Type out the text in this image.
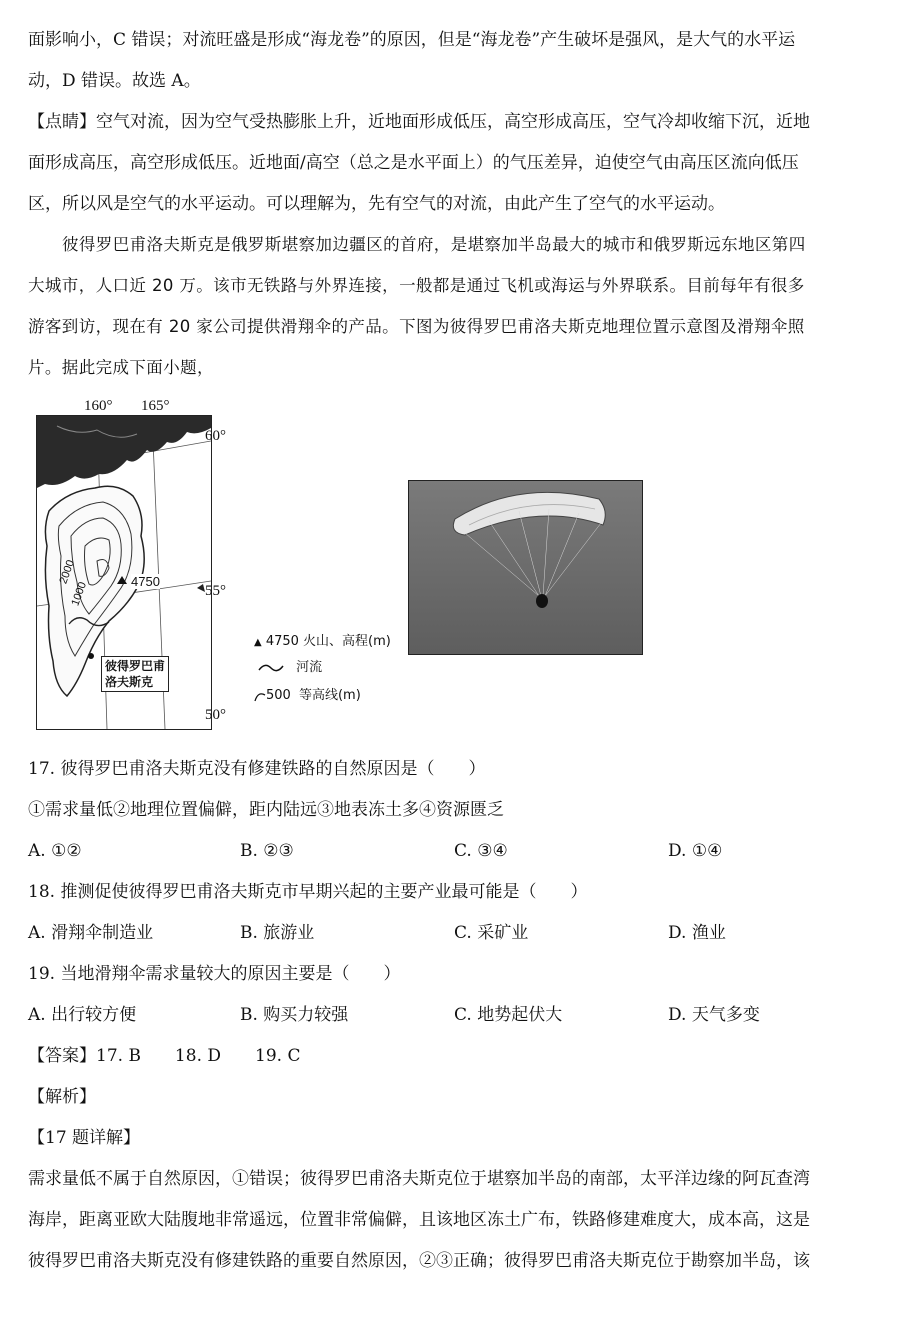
面影响小，C 错误；对流旺盛是形成“海龙卷”的原因，但是“海龙卷”产生破坏是强风，是大气的水平运
动，D 错误。故选 A。
【点睛】空气对流，因为空气受热膨胀上升，近地面形成低压，高空形成高压，空气冷却收缩下沉，近地
面形成高压，高空形成低压。近地面/高空（总之是水平面上）的气压差异，迫使空气由高压区流向低压
区，所以风是空气的水平运动。可以理解为，先有空气的对流，由此产生了空气的水平运动。
彼得罗巴甫洛夫斯克是俄罗斯堪察加边疆区的首府，是堪察加半岛最大的城市和俄罗斯远东地区第四
大城市，人口近 20 万。该市无铁路与外界连接，一般都是通过飞机或海运与外界联系。目前每年有很多
游客到访，现在有 20 家公司提供滑翔伞的产品。下图为彼得罗巴甫洛夫斯克地理位置示意图及滑翔伞照
片。据此完成下面小题，
160° 165°
4750
2000
1000
彼得罗巴甫
洛夫斯克
60°
55°
50°
▲ 4750 火山、高程(m)
河流
500 等高线(m)
17. 彼得罗巴甫洛夫斯克没有修建铁路的自然原因是（　　）
①需求量低②地理位置偏僻，距内陆远③地表冻土多④资源匮乏
A. ①②	B. ②③	C. ③④	D. ①④
18. 推测促使彼得罗巴甫洛夫斯克市早期兴起的主要产业最可能是（　　）
A. 滑翔伞制造业	B. 旅游业	C. 采矿业	D. 渔业
19. 当地滑翔伞需求量较大的原因主要是（　　）
A. 出行较方便	B. 购买力较强	C. 地势起伏大	D. 天气多变
【答案】17. B　　18. D　　19. C
【解析】
【17 题详解】
需求量低不属于自然原因，①错误；彼得罗巴甫洛夫斯克位于堪察加半岛的南部，太平洋边缘的阿瓦查湾
海岸，距离亚欧大陆腹地非常遥远，位置非常偏僻，且该地区冻土广布，铁路修建难度大，成本高，这是
彼得罗巴甫洛夫斯克没有修建铁路的重要自然原因，②③正确；彼得罗巴甫洛夫斯克位于勘察加半岛，该
